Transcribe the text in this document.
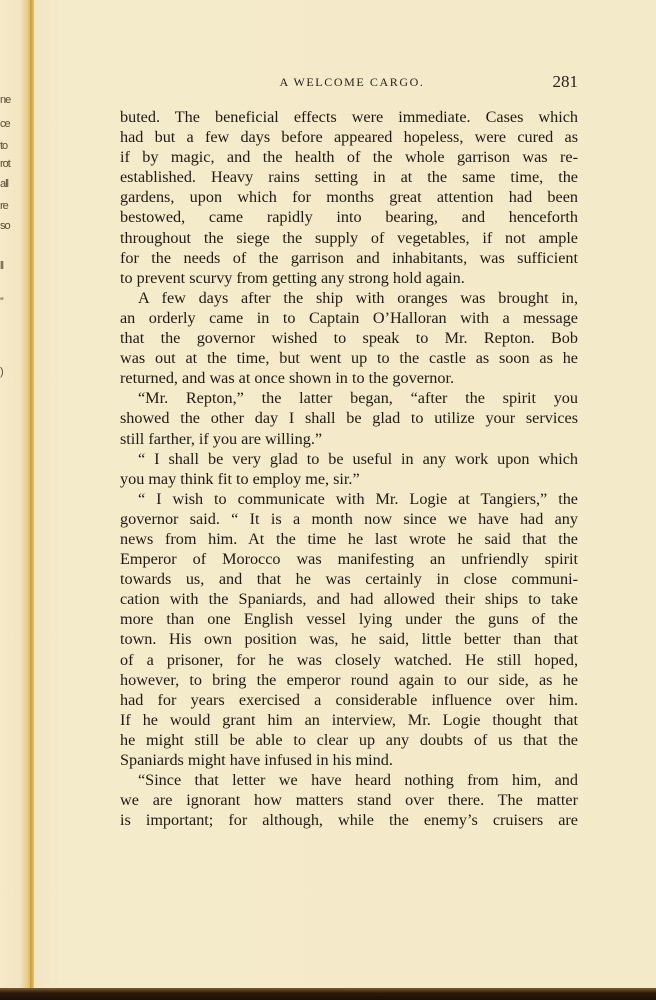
ne
ce
to
rot
all
re
so
ll
”
)
A WELCOME CARGO.	281
buted. The beneficial effects were immediate. Cases which
had but a few days before appeared hopeless, were cured as
if by magic, and the health of the whole garrison was re-
established. Heavy rains setting in at the same time, the
gardens, upon which for months great attention had been
bestowed, came rapidly into bearing, and henceforth
throughout the siege the supply of vegetables, if not ample
for the needs of the garrison and inhabitants, was sufficient
to prevent scurvy from getting any strong hold again.
A few days after the ship with oranges was brought in,
an orderly came in to Captain O’Halloran with a message
that the governor wished to speak to Mr. Repton. Bob
was out at the time, but went up to the castle as soon as he
returned, and was at once shown in to the governor.
“Mr. Repton,” the latter began, “after the spirit you
showed the other day I shall be glad to utilize your services
still farther, if you are willing.”
“ I shall be very glad to be useful in any work upon which
you may think fit to employ me, sir.”
“ I wish to communicate with Mr. Logie at Tangiers,” the
governor said. “ It is a month now since we have had any
news from him. At the time he last wrote he said that the
Emperor of Morocco was manifesting an unfriendly spirit
towards us, and that he was certainly in close communi-
cation with the Spaniards, and had allowed their ships to take
more than one English vessel lying under the guns of the
town. His own position was, he said, little better than that
of a prisoner, for he was closely watched. He still hoped,
however, to bring the emperor round again to our side, as he
had for years exercised a considerable influence over him.
If he would grant him an interview, Mr. Logie thought that
he might still be able to clear up any doubts of us that the
Spaniards might have infused in his mind.
“Since that letter we have heard nothing from him, and
we are ignorant how matters stand over there. The matter
is important; for although, while the enemy’s cruisers are
